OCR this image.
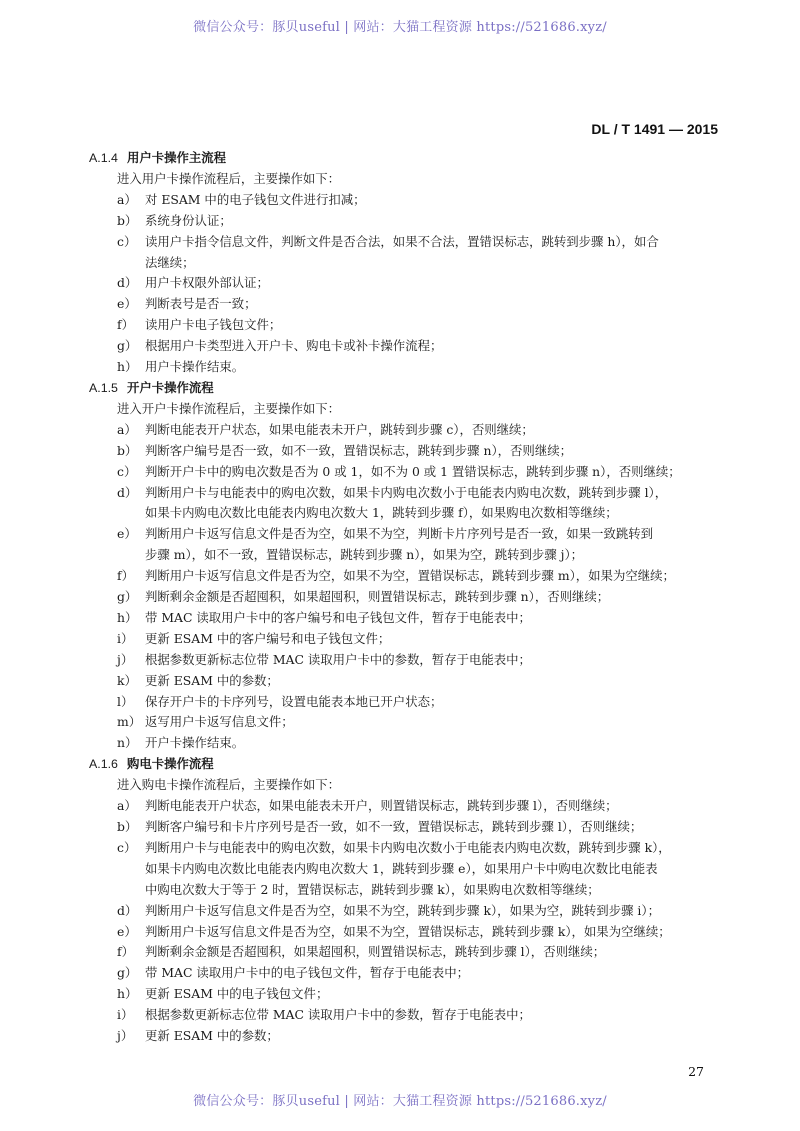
微信公众号：豚贝useful | 网站：大猫工程资源 https://521686.xyz/
DL / T 1491 — 2015
A.1.4 用户卡操作主流程
进入用户卡操作流程后，主要操作如下：
a） 对 ESAM 中的电子钱包文件进行扣减；
b） 系统身份认证；
c） 读用户卡指令信息文件，判断文件是否合法，如果不合法，置错误标志，跳转到步骤 h），如合
法继续；
d） 用户卡权限外部认证；
e） 判断表号是否一致；
f） 读用户卡电子钱包文件；
g） 根据用户卡类型进入开户卡、购电卡或补卡操作流程；
h） 用户卡操作结束。
A.1.5 开户卡操作流程
进入开户卡操作流程后，主要操作如下：
a） 判断电能表开户状态，如果电能表未开户，跳转到步骤 c），否则继续；
b） 判断客户编号是否一致，如不一致，置错误标志，跳转到步骤 n），否则继续；
c） 判断开户卡中的购电次数是否为 0 或 1，如不为 0 或 1 置错误标志，跳转到步骤 n），否则继续；
d） 判断用户卡与电能表中的购电次数，如果卡内购电次数小于电能表内购电次数，跳转到步骤 l），
如果卡内购电次数比电能表内购电次数大 1，跳转到步骤 f），如果购电次数相等继续；
e） 判断用户卡返写信息文件是否为空，如果不为空，判断卡片序列号是否一致，如果一致跳转到
步骤 m），如不一致，置错误标志，跳转到步骤 n），如果为空，跳转到步骤 j）；
f） 判断用户卡返写信息文件是否为空，如果不为空，置错误标志，跳转到步骤 m），如果为空继续；
g） 判断剩余金额是否超囤积，如果超囤积，则置错误标志，跳转到步骤 n），否则继续；
h） 带 MAC 读取用户卡中的客户编号和电子钱包文件，暂存于电能表中；
i） 更新 ESAM 中的客户编号和电子钱包文件；
j） 根据参数更新标志位带 MAC 读取用户卡中的参数，暂存于电能表中；
k） 更新 ESAM 中的参数；
l） 保存开户卡的卡序列号，设置电能表本地已开户状态；
m） 返写用户卡返写信息文件；
n） 开户卡操作结束。
A.1.6 购电卡操作流程
进入购电卡操作流程后，主要操作如下：
a） 判断电能表开户状态，如果电能表未开户，则置错误标志，跳转到步骤 l），否则继续；
b） 判断客户编号和卡片序列号是否一致，如不一致，置错误标志，跳转到步骤 l），否则继续；
c） 判断用户卡与电能表中的购电次数，如果卡内购电次数小于电能表内购电次数，跳转到步骤 k），
如果卡内购电次数比电能表内购电次数大 1，跳转到步骤 e），如果用户卡中购电次数比电能表
中购电次数大于等于 2 时，置错误标志，跳转到步骤 k），如果购电次数相等继续；
d） 判断用户卡返写信息文件是否为空，如果不为空，跳转到步骤 k），如果为空，跳转到步骤 i）；
e） 判断用户卡返写信息文件是否为空，如果不为空，置错误标志，跳转到步骤 k），如果为空继续；
f） 判断剩余金额是否超囤积，如果超囤积，则置错误标志，跳转到步骤 l），否则继续；
g） 带 MAC 读取用户卡中的电子钱包文件，暂存于电能表中；
h） 更新 ESAM 中的电子钱包文件；
i） 根据参数更新标志位带 MAC 读取用户卡中的参数，暂存于电能表中；
j） 更新 ESAM 中的参数；
27
微信公众号：豚贝useful | 网站：大猫工程资源 https://521686.xyz/
